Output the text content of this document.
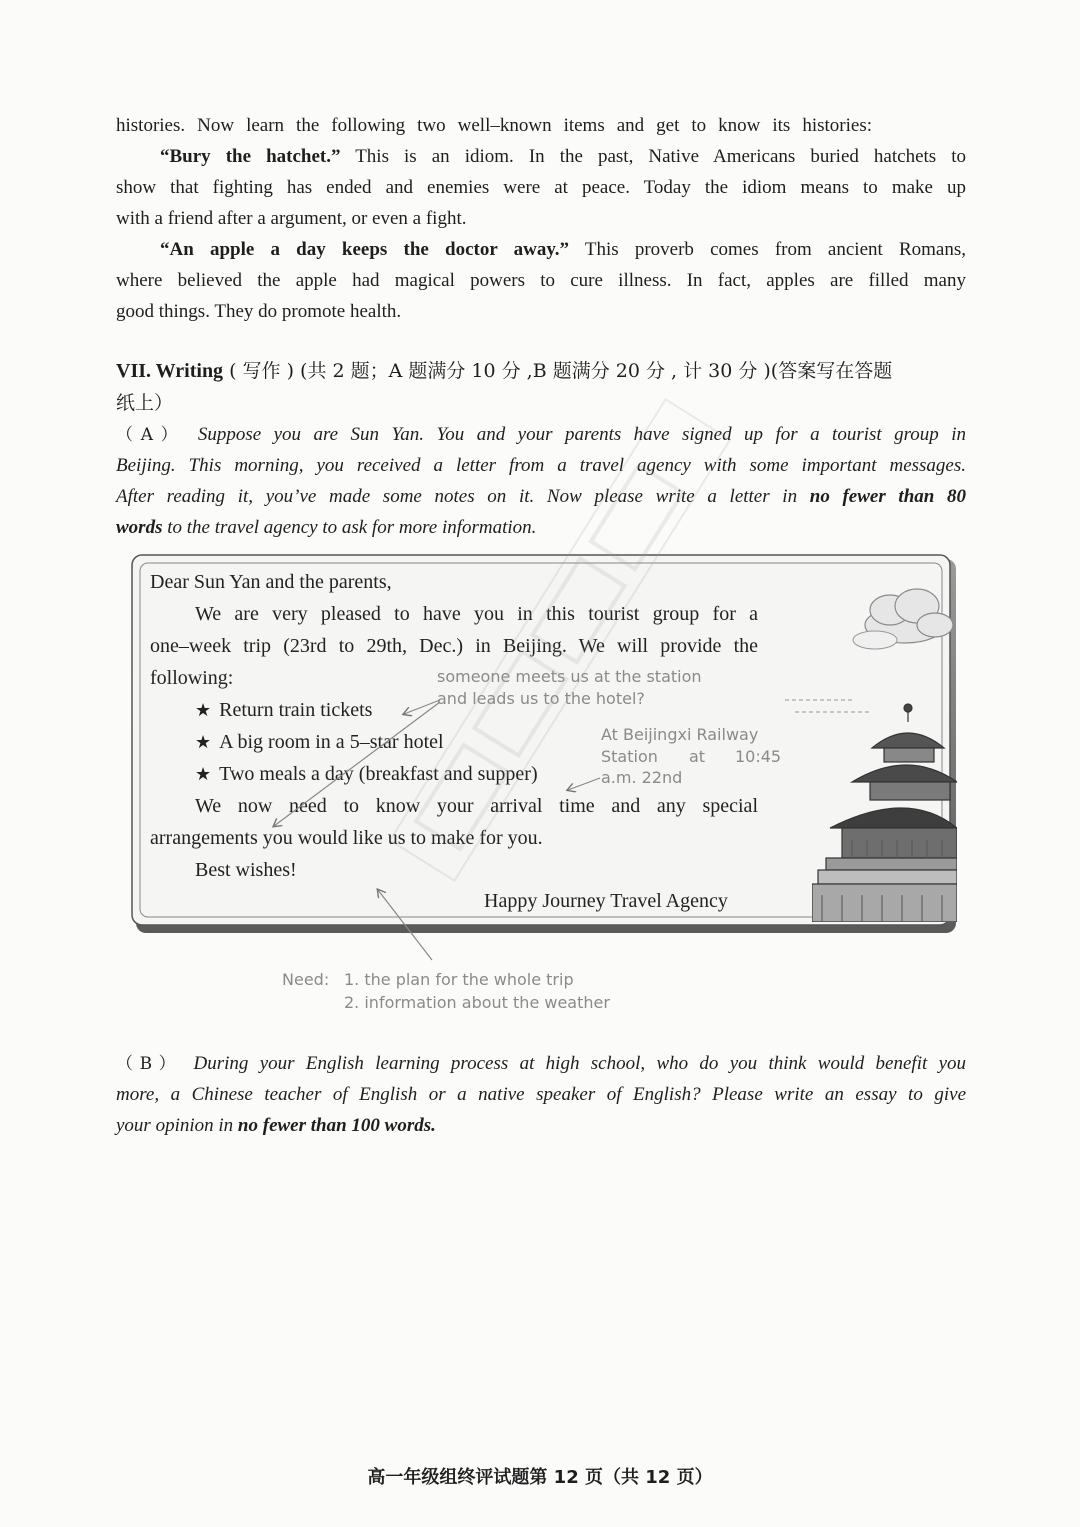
histories. Now learn the following two well–known items and get to know its histories:
“Bury the hatchet.” This is an idiom. In the past, Native Americans buried hatchets to
show that fighting has ended and enemies were at peace. Today the idiom means to make up
with a friend after a argument, or even a fight.
“An apple a day keeps the doctor away.” This proverb comes from ancient Romans,
where believed the apple had magical powers to cure illness. In fact, apples are filled many
good things. They do promote health.
VII. Writing ( 写作 ) (共 2 题；A 题满分 10 分 ,B 题满分 20 分 , 计 30 分 )(答案写在答题
纸上）
（A） Suppose you are Sun Yan. You and your parents have signed up for a tourist group in
Beijing. This morning, you received a letter from a travel agency with some important messages.
After reading it, you’ve made some notes on it. Now please write a letter in no fewer than 80
words to the travel agency to ask for more information.
Dear Sun Yan and the parents,
We are very pleased to have you in this tourist group for a
one–week trip (23rd to 29th, Dec.) in Beijing. We will provide the
following:
★ Return train tickets
★ A big room in a 5–star hotel
★ Two meals a day (breakfast and supper)
We now need to know your arrival time and any special
arrangements you would like us to make for you.
Best wishes!
Happy Journey Travel Agency
someone meets us at the station
and leads us to the hotel?
At Beijingxi Railway
Station at 10:45
a.m. 22nd
Need: 1. the plan for the whole trip
2. information about the weather
（B） During your English learning process at high school, who do you think would benefit you
more, a Chinese teacher of English or a native speaker of English? Please write an essay to give
your opinion in no fewer than 100 words.
高一年级组终评试题第 12 页（共 12 页）
